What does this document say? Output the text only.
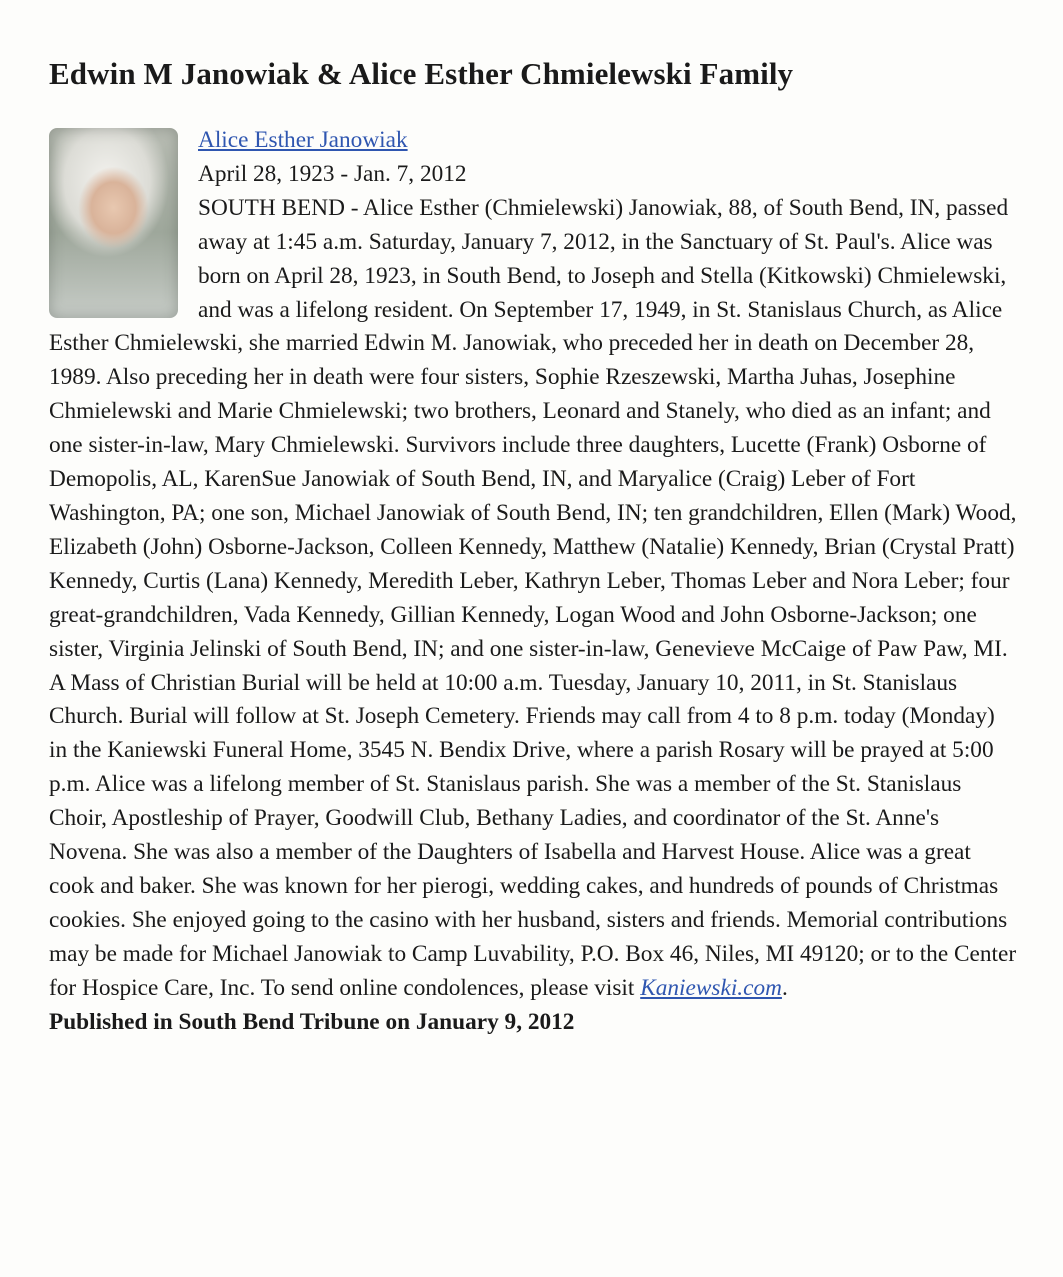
Edwin M Janowiak & Alice Esther Chmielewski Family
Alice Esther Janowiak
April 28, 1923 - Jan. 7, 2012
SOUTH BEND - Alice Esther (Chmielewski) Janowiak, 88, of South Bend, IN, passed away at 1:45 a.m. Saturday, January 7, 2012, in the Sanctuary of St. Paul's. Alice was born on April 28, 1923, in South Bend, to Joseph and Stella (Kitkowski) Chmielewski, and was a lifelong resident. On September 17, 1949, in St. Stanislaus Church, as Alice Esther Chmielewski, she married Edwin M. Janowiak, who preceded her in death on December 28, 1989. Also preceding her in death were four sisters, Sophie Rzeszewski, Martha Juhas, Josephine Chmielewski and Marie Chmielewski; two brothers, Leonard and Stanely, who died as an infant; and one sister-in-law, Mary Chmielewski. Survivors include three daughters, Lucette (Frank) Osborne of Demopolis, AL, KarenSue Janowiak of South Bend, IN, and Maryalice (Craig) Leber of Fort Washington, PA; one son, Michael Janowiak of South Bend, IN; ten grandchildren, Ellen (Mark) Wood, Elizabeth (John) Osborne-Jackson, Colleen Kennedy, Matthew (Natalie) Kennedy, Brian (Crystal Pratt) Kennedy, Curtis (Lana) Kennedy, Meredith Leber, Kathryn Leber, Thomas Leber and Nora Leber; four great-grandchildren, Vada Kennedy, Gillian Kennedy, Logan Wood and John Osborne-Jackson; one sister, Virginia Jelinski of South Bend, IN; and one sister-in-law, Genevieve McCaige of Paw Paw, MI. A Mass of Christian Burial will be held at 10:00 a.m. Tuesday, January 10, 2011, in St. Stanislaus Church. Burial will follow at St. Joseph Cemetery. Friends may call from 4 to 8 p.m. today (Monday) in the Kaniewski Funeral Home, 3545 N. Bendix Drive, where a parish Rosary will be prayed at 5:00 p.m. Alice was a lifelong member of St. Stanislaus parish. She was a member of the St. Stanislaus Choir, Apostleship of Prayer, Goodwill Club, Bethany Ladies, and coordinator of the St. Anne's Novena. She was also a member of the Daughters of Isabella and Harvest House. Alice was a great cook and baker. She was known for her pierogi, wedding cakes, and hundreds of pounds of Christmas cookies. She enjoyed going to the casino with her husband, sisters and friends. Memorial contributions may be made for Michael Janowiak to Camp Luvability, P.O. Box 46, Niles, MI 49120; or to the Center for Hospice Care, Inc. To send online condolences, please visit Kaniewski.com.
Published in South Bend Tribune on January 9, 2012
